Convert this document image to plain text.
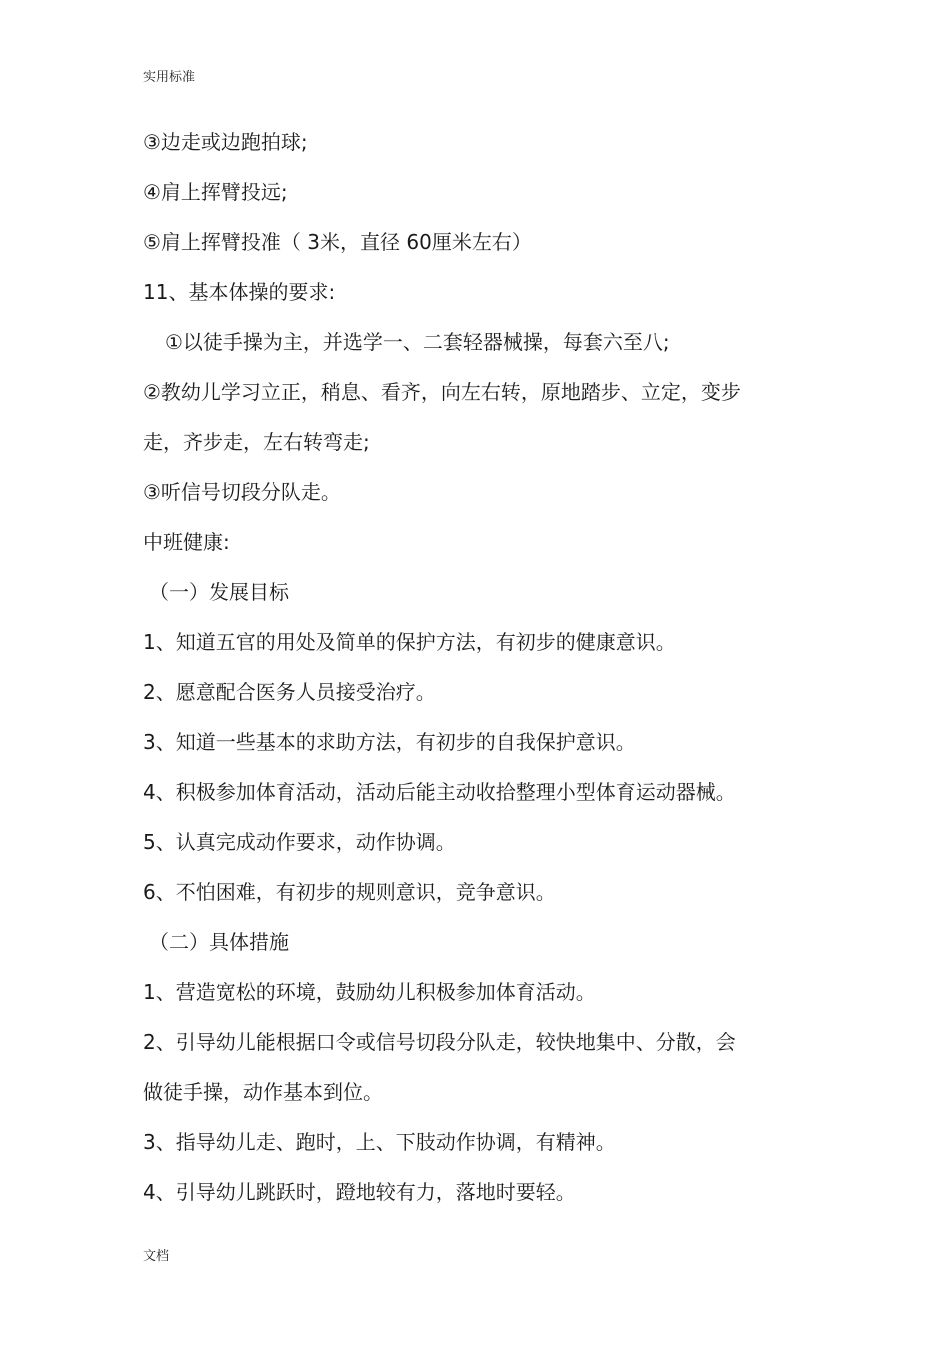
实用标准
③边走或边跑拍球;
④肩上挥臂投远;
⑤肩上挥臂投准（ 3米，直径 60厘米左右）
11、基本体操的要求:
①以徒手操为主，并选学一、二套轻器械操，每套六至八;
②教幼儿学习立正，稍息、看齐，向左右转，原地踏步、立定，变步
走，齐步走，左右转弯走;
③听信号切段分队走。
中班健康:
（一）发展目标
1、知道五官的用处及简单的保护方法，有初步的健康意识。
2、愿意配合医务人员接受治疗。
3、知道一些基本的求助方法，有初步的自我保护意识。
4、积极参加体育活动，活动后能主动收拾整理小型体育运动器械。
5、认真完成动作要求，动作协调。
6、不怕困难，有初步的规则意识，竞争意识。
（二）具体措施
1、营造宽松的环境，鼓励幼儿积极参加体育活动。
2、引导幼儿能根据口令或信号切段分队走，较快地集中、分散，会
做徒手操，动作基本到位。
3、指导幼儿走、跑时，上、下肢动作协调，有精神。
4、引导幼儿跳跃时，蹬地较有力，落地时要轻。
文档
